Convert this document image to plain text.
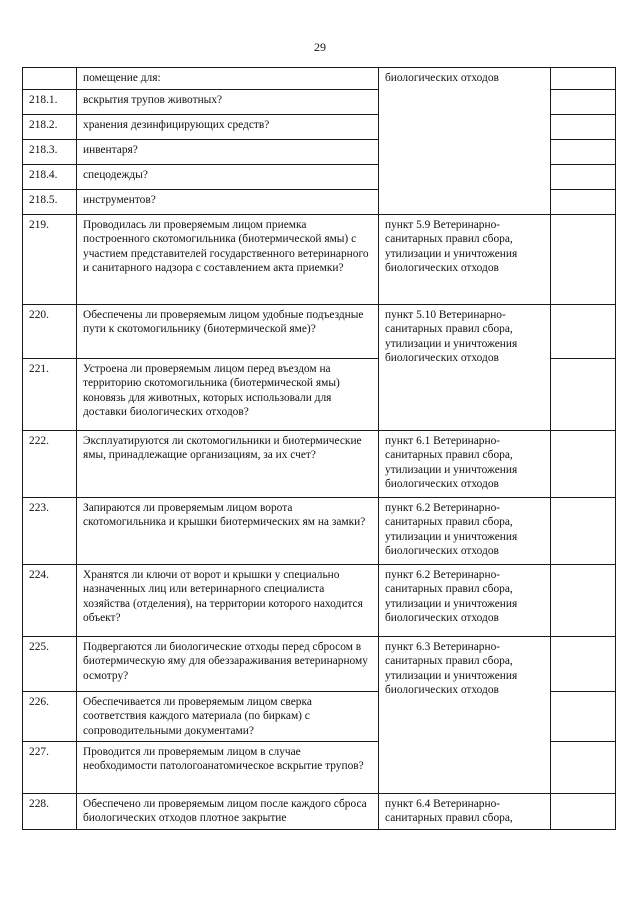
29
	помещение для:	биологических отходов	
218.1.	вскрытия трупов животных?		
218.2.	хранения дезинфицирующих средств?		
218.3.	инвентаря?		
218.4.	спецодежды?		
218.5.	инструментов?		
219.	Проводилась ли проверяемым лицом приемка построенного скотомогильника (биотермической ямы) с участием представителей государственного ветеринарного и санитарного надзора с составлением акта приемки?	пункт 5.9 Ветеринарно-санитарных правил сбора, утилизации и уничтожения биологических отходов	
220.	Обеспечены ли проверяемым лицом удобные подъездные пути к скотомогильнику (биотермической яме)?	пункт 5.10 Ветеринарно-санитарных правил сбора, утилизации и уничтожения биологических отходов	
221.	Устроена ли проверяемым лицом перед въездом на территорию скотомогильника (биотермической ямы) коновязь для животных, которых использовали для доставки биологических отходов?		
222.	Эксплуатируются ли скотомогильники и биотермические ямы, принадлежащие организациям, за их счет?	пункт 6.1 Ветеринарно-санитарных правил сбора, утилизации и уничтожения биологических отходов	
223.	Запираются ли проверяемым лицом ворота скотомогильника и крышки биотермических ям на замки?	пункт 6.2 Ветеринарно-санитарных правил сбора, утилизации и уничтожения биологических отходов	
224.	Хранятся ли ключи от ворот и крышки у специально назначенных лиц или ветеринарного специалиста хозяйства (отделения), на территории которого находится объект?	пункт 6.2 Ветеринарно-санитарных правил сбора, утилизации и уничтожения биологических отходов	
225.	Подвергаются ли биологические отходы перед сбросом в биотермическую яму для обеззараживания ветеринарному осмотру?	пункт 6.3 Ветеринарно-санитарных правил сбора, утилизации и уничтожения биологических отходов	
226.	Обеспечивается ли проверяемым лицом сверка соответствия каждого материала (по биркам) с сопроводительными документами?		
227.	Проводится ли проверяемым лицом в случае необходимости патологоанатомическое вскрытие трупов?		
228.	Обеспечено ли проверяемым лицом после каждого сброса биологических отходов плотное закрытие	пункт 6.4 Ветеринарно-санитарных правил сбора,	
